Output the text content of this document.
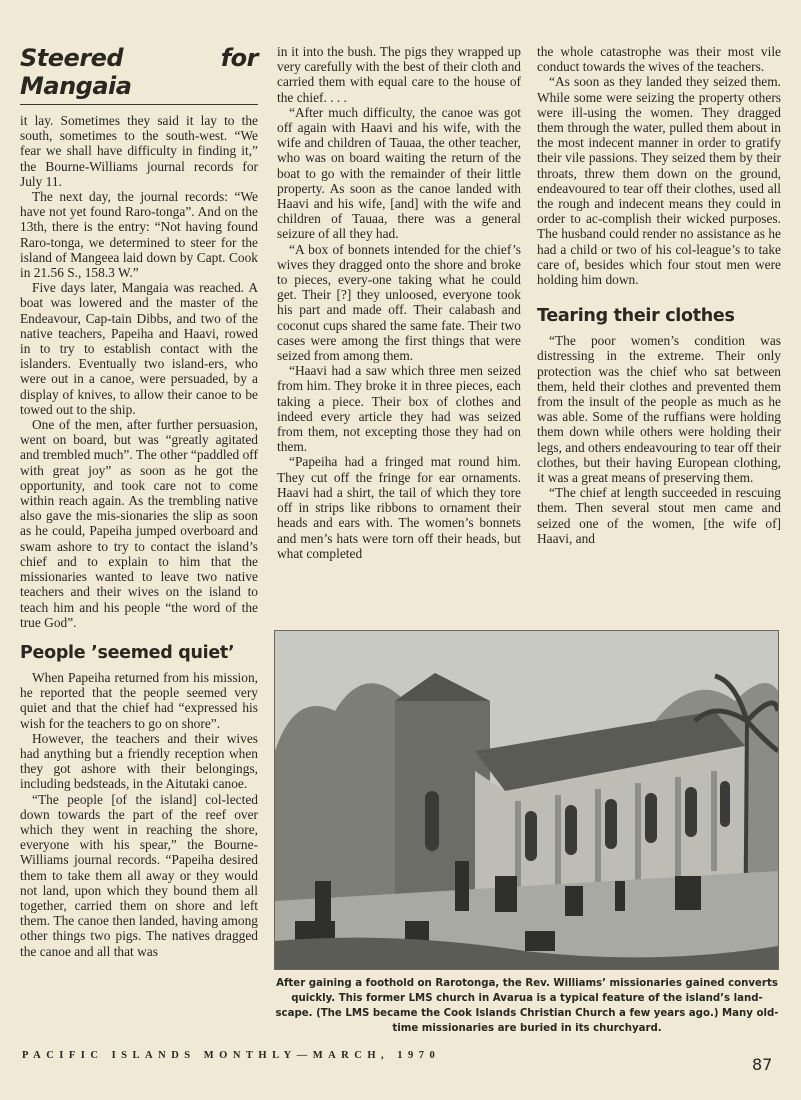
Steered for Mangaia

it lay. Sometimes they said it lay to the south, sometimes to the south-west. “We fear we shall have difficulty in finding it,” the Bourne-Williams journal records for July 11.

The next day, the journal records: “We have not yet found Raro-tonga”. And on the 13th, there is the entry: “Not having found Raro-tonga, we determined to steer for the island of Mangeea laid down by Capt. Cook in 21.56 S., 158.3 W.”

Five days later, Mangaia was reached. A boat was lowered and the master of the Endeavour, Cap-tain Dibbs, and two of the native teachers, Papeiha and Haavi, rowed in to try to establish contact with the islanders. Eventually two island-ers, who were out in a canoe, were persuaded, by a display of knives, to allow their canoe to be towed out to the ship.

One of the men, after further persuasion, went on board, but was “greatly agitated and trembled much”. The other “paddled off with great joy” as soon as he got the opportunity, and took care not to come within reach again. As the trembling native also gave the mis-sionaries the slip as soon as he could, Papeiha jumped overboard and swam ashore to try to contact the island’s chief and to explain to him that the missionaries wanted to leave two native teachers and their wives on the island to teach him and his people “the word of the true God”.

People ’seemed quiet’

When Papeiha returned from his mission, he reported that the people seemed very quiet and that the chief had “expressed his wish for the teachers to go on shore”.

However, the teachers and their wives had anything but a friendly reception when they got ashore with their belongings, including bedsteads, in the Aitutaki canoe.

“The people [of the island] col-lected down towards the part of the reef over which they went in reaching the shore, everyone with his spear,” the Bourne-Williams journal records. “Papeiha desired them to take them all away or they would not land, upon which they bound them all together, carried them on shore and left them. The canoe then landed, having among other things two pigs. The natives dragged the canoe and all that was

in it into the bush. The pigs they wrapped up very carefully with the best of their cloth and carried them with equal care to the house of the chief. . . .

“After much difficulty, the canoe was got off again with Haavi and his wife, with the wife and children of Tauaa, the other teacher, who was on board waiting the return of the boat to go with the remainder of their little property. As soon as the canoe landed with Haavi and his wife, [and] with the wife and children of Tauaa, there was a general seizure of all they had.

“A box of bonnets intended for the chief’s wives they dragged onto the shore and broke to pieces, every-one taking what he could get. Their [?] they unloosed, everyone took his part and made off. Their calabash and coconut cups shared the same fate. Their two cases were among the first things that were seized from among them.

“Haavi had a saw which three men seized from him. They broke it in three pieces, each taking a piece. Their box of clothes and indeed every article they had was seized from them, not excepting those they had on them.

“Papeiha had a fringed mat round him. They cut off the fringe for ear ornaments. Haavi had a shirt, the tail of which they tore off in strips like ribbons to ornament their heads and ears with. The women’s bonnets and men’s hats were torn off their heads, but what completed

the whole catastrophe was their most vile conduct towards the wives of the teachers.

“As soon as they landed they seized them. While some were seizing the property others were ill-using the women. They dragged them through the water, pulled them about in the most indecent manner in order to gratify their vile passions. They seized them by their throats, threw them down on the ground, endeavoured to tear off their clothes, used all the rough and indecent means they could in order to ac-complish their wicked purposes. The husband could render no assistance as he had a child or two of his col-league’s to take care of, besides which four stout men were holding him down.

Tearing their clothes

“The poor women’s condition was distressing in the extreme. Their only protection was the chief who sat between them, held their clothes and prevented them from the insult of the people as much as he was able. Some of the ruffians were holding them down while others were holding their legs, and others endeavouring to tear off their clothes, but their having European clothing, it was a great means of preserving them.

“The chief at length succeeded in rescuing them. Then several stout men came and seized one of the women, [the wife of] Haavi, and

After gaining a foothold on Rarotonga, the Rev. Williams’ missionaries gained converts quickly. This former LMS church in Avarua is a typical feature of the island’s land-scape. (The LMS became the Cook Islands Christian Church a few years ago.) Many old-time missionaries are buried in its churchyard.
PACIFIC ISLANDS MONTHLY—MARCH, 1970	87
